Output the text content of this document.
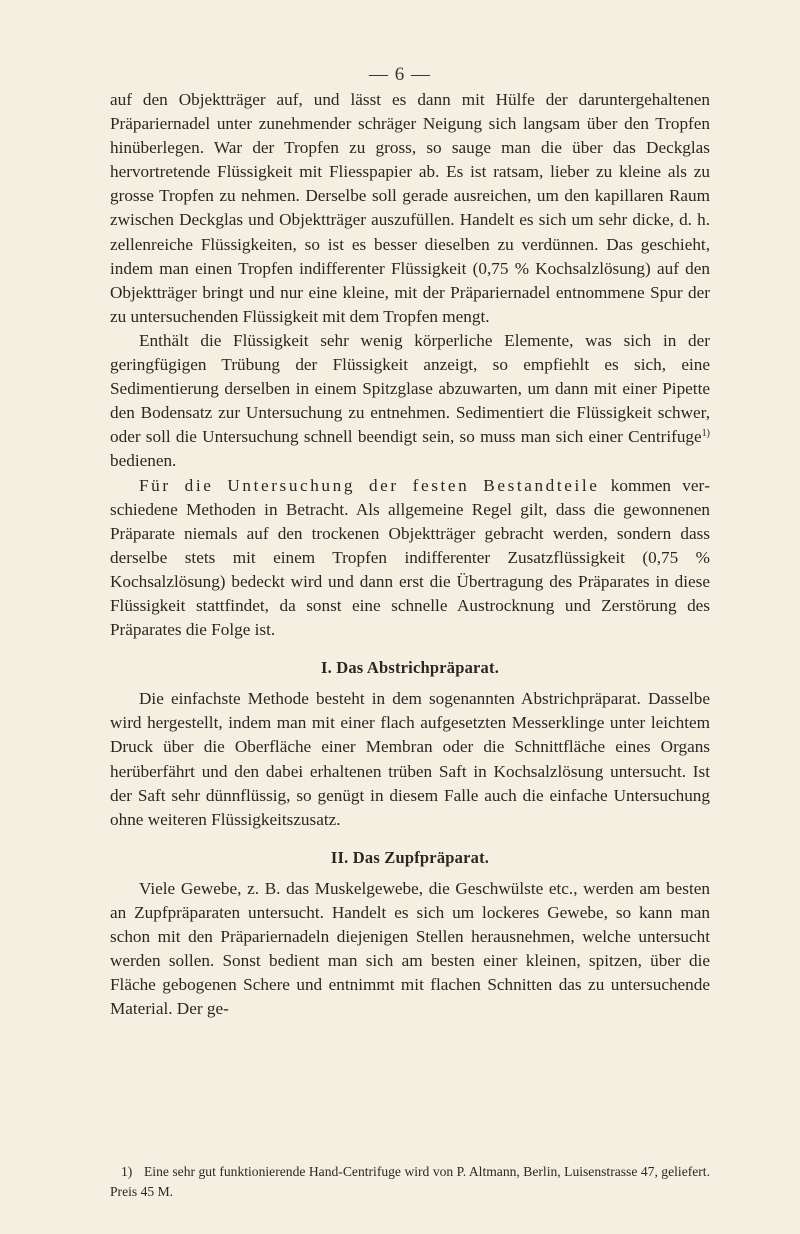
— 6 —

auf den Objektträger auf, und lässt es dann mit Hülfe der daruntergehaltenen Präpariernadel unter zunehmender schräger Neigung sich langsam über den Tropfen hinüberlegen. War der Tropfen zu gross, so sauge man die über das Deckglas hervortretende Flüssigkeit mit Fliesspapier ab. Es ist ratsam, lieber zu kleine als zu grosse Tropfen zu nehmen. Derselbe soll gerade ausreichen, um den kapillaren Raum zwischen Deckglas und Objektträger auszufüllen. Handelt es sich um sehr dicke, d. h. zellenreiche Flüssigkeiten, so ist es besser dieselben zu verdünnen. Das geschieht, indem man einen Tropfen indifferenter Flüssigkeit (0,75 % Kochsalzlösung) auf den Objektträger bringt und nur eine kleine, mit der Präpariernadel entnommene Spur der zu untersuchenden Flüssigkeit mit dem Tropfen mengt.

Enthält die Flüssigkeit sehr wenig körperliche Elemente, was sich in der geringfügigen Trübung der Flüssigkeit anzeigt, so empfiehlt es sich, eine Sedimentierung derselben in einem Spitzglase abzuwarten, um dann mit einer Pipette den Bodensatz zur Untersuchung zu entnehmen. Sedimentiert die Flüssigkeit schwer, oder soll die Untersuchung schnell beendigt sein, so muss man sich einer Centrifuge$^{1)}$ bedienen.

Für die Untersuchung der festen Bestandteile kommen verschiedene Methoden in Betracht. Als allgemeine Regel gilt, dass die gewonnenen Präparate niemals auf den trockenen Objektträger gebracht werden, sondern dass derselbe stets mit einem Tropfen indifferenter Zusatzflüssigkeit (0,75 % Kochsalzlösung) bedeckt wird und dann erst die Übertragung des Präparates in diese Flüssigkeit stattfindet, da sonst eine schnelle Austrocknung und Zerstörung des Präparates die Folge ist.

I. Das Abstrichpräparat.

Die einfachste Methode besteht in dem sogenannten Abstrichpräparat. Dasselbe wird hergestellt, indem man mit einer flach aufgesetzten Messerklinge unter leichtem Druck über die Oberfläche einer Membran oder die Schnittfläche eines Organs herüberfährt und den dabei erhaltenen trüben Saft in Kochsalzlösung untersucht. Ist der Saft sehr dünnflüssig, so genügt in diesem Falle auch die einfache Untersuchung ohne weiteren Flüssigkeitszusatz.

II. Das Zupfpräparat.

Viele Gewebe, z. B. das Muskelgewebe, die Geschwülste etc., werden am besten an Zupfpräparaten untersucht. Handelt es sich um lockeres Gewebe, so kann man schon mit den Präpariernadeln diejenigen Stellen herausnehmen, welche untersucht werden sollen. Sonst bedient man sich am besten einer kleinen, spitzen, über die Fläche gebogenen Schere und entnimmt mit flachen Schnitten das zu untersuchende Material. Der ge-

1) Eine sehr gut funktionierende Hand-Centrifuge wird von P. Altmann, Berlin, Luisenstrasse 47, geliefert. Preis 45 M.
